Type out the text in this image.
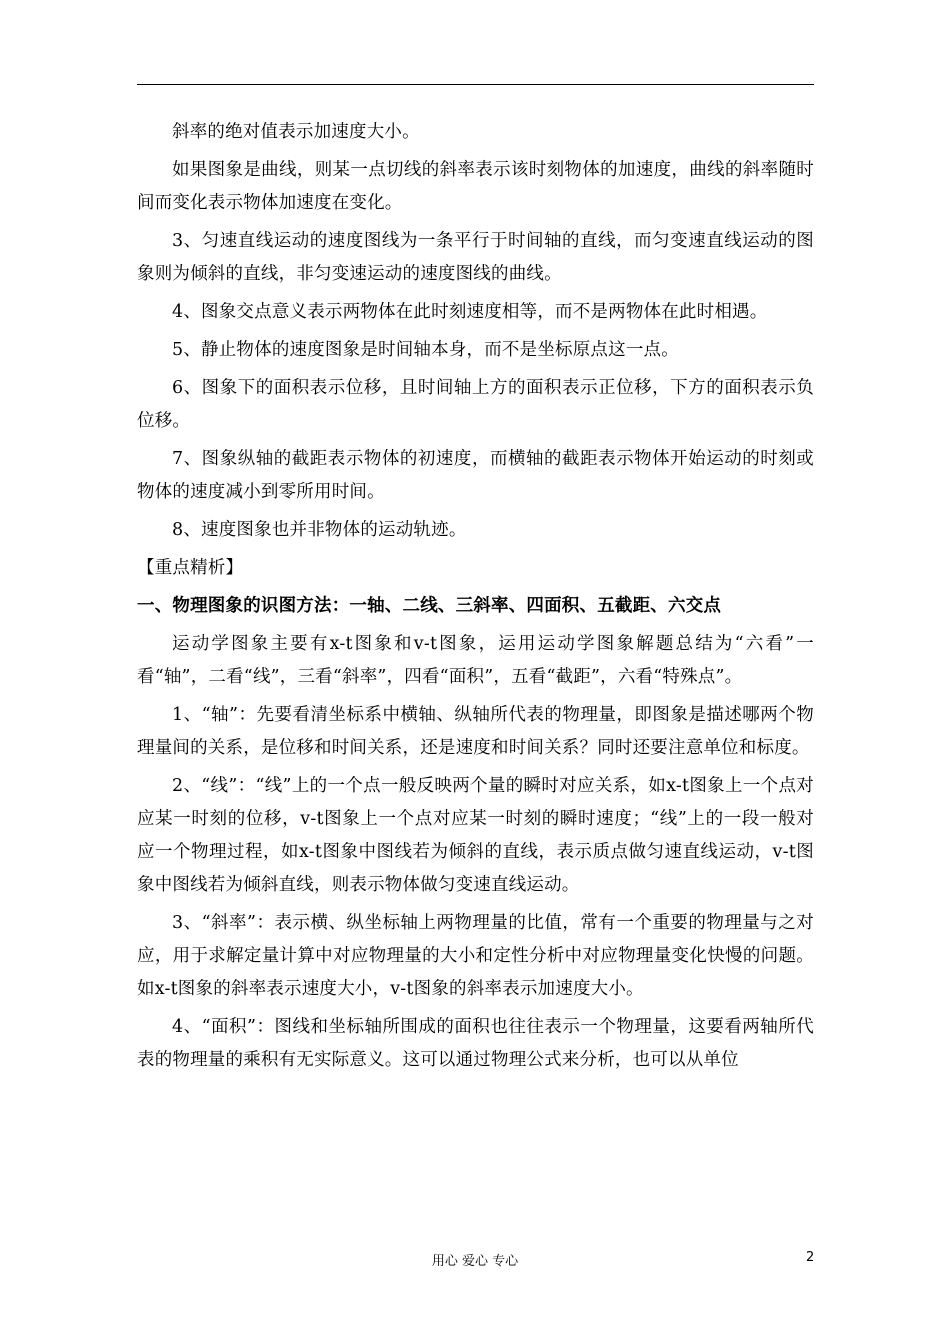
斜率的绝对值表示加速度大小。

如果图象是曲线，则某一点切线的斜率表示该时刻物体的加速度，曲线的斜率随时间而变化表示物体加速度在变化。

3、匀速直线运动的速度图线为一条平行于时间轴的直线，而匀变速直线运动的图象则为倾斜的直线，非匀变速运动的速度图线的曲线。

4、图象交点意义表示两物体在此时刻速度相等，而不是两物体在此时相遇。

5、静止物体的速度图象是时间轴本身，而不是坐标原点这一点。

6、图象下的面积表示位移，且时间轴上方的面积表示正位移，下方的面积表示负位移。

7、图象纵轴的截距表示物体的初速度，而横轴的截距表示物体开始运动的时刻或物体的速度减小到零所用时间。

8、速度图象也并非物体的运动轨迹。

【重点精析】

一、物理图象的识图方法：一轴、二线、三斜率、四面积、五截距、六交点

运动学图象主要有x-t图象和v-t图象，运用运动学图象解题总结为“六看”一看“轴”，二看“线”，三看“斜率”，四看“面积”，五看“截距”，六看“特殊点”。

1、“轴”：先要看清坐标系中横轴、纵轴所代表的物理量，即图象是描述哪两个物理量间的关系，是位移和时间关系，还是速度和时间关系？同时还要注意单位和标度。

2、“线”：“线”上的一个点一般反映两个量的瞬时对应关系，如x-t图象上一个点对应某一时刻的位移，v-t图象上一个点对应某一时刻的瞬时速度；“线”上的一段一般对应一个物理过程，如x-t图象中图线若为倾斜的直线，表示质点做匀速直线运动，v-t图象中图线若为倾斜直线，则表示物体做匀变速直线运动。

3、“斜率”：表示横、纵坐标轴上两物理量的比值，常有一个重要的物理量与之对应，用于求解定量计算中对应物理量的大小和定性分析中对应物理量变化快慢的问题。如x-t图象的斜率表示速度大小，v-t图象的斜率表示加速度大小。

4、“面积”：图线和坐标轴所围成的面积也往往表示一个物理量，这要看两轴所代表的物理量的乘积有无实际意义。这可以通过物理公式来分析，也可以从单位

用心 爱心 专心	2
